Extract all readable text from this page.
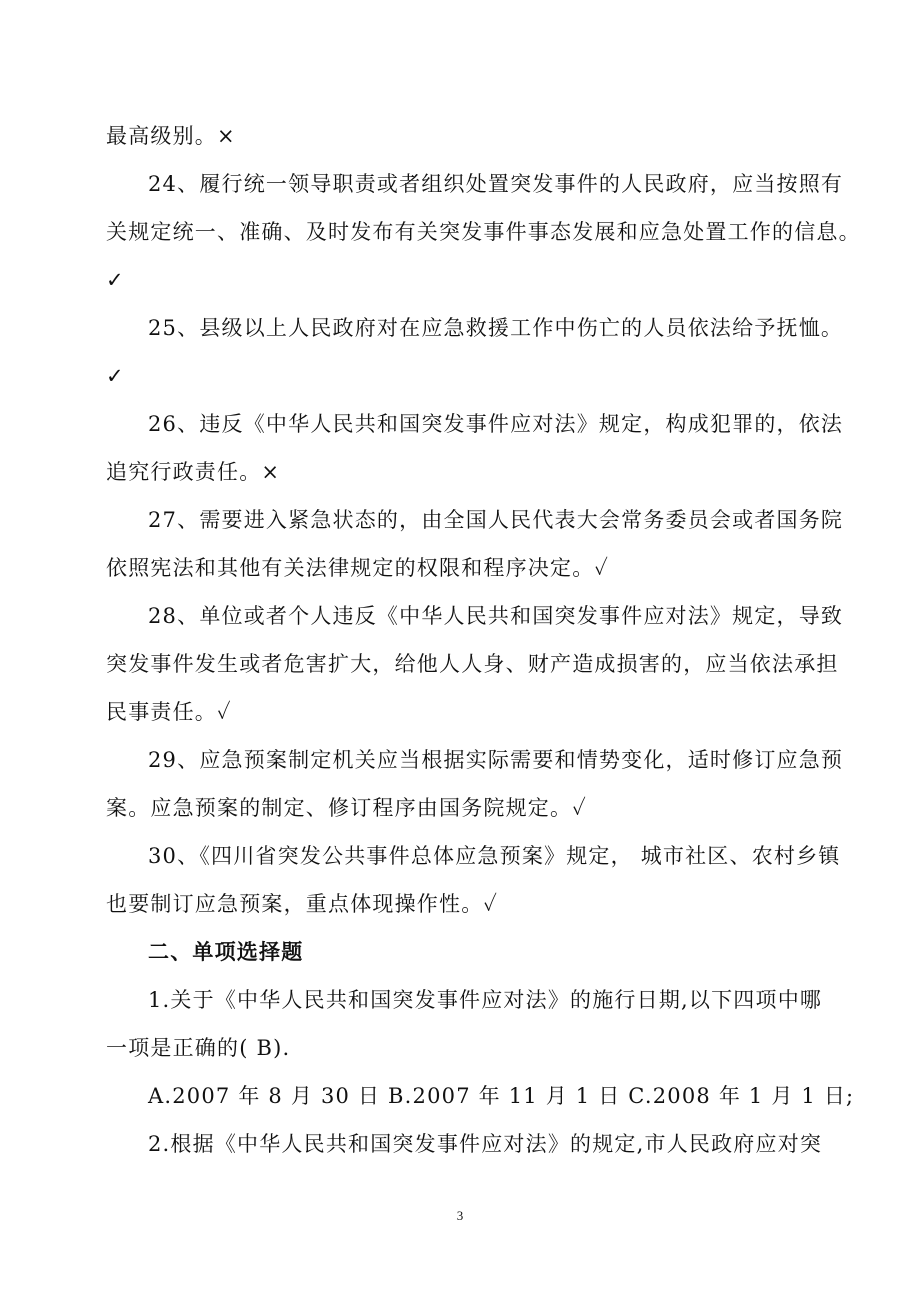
最高级别。×
24、履行统一领导职责或者组织处置突发事件的人民政府，应当按照有
关规定统一、准确、及时发布有关突发事件事态发展和应急处置工作的信息。
✓
25、县级以上人民政府对在应急救援工作中伤亡的人员依法给予抚恤。
✓
26、违反《中华人民共和国突发事件应对法》规定，构成犯罪的，依法
追究行政责任。×
27、需要进入紧急状态的，由全国人民代表大会常务委员会或者国务院
依照宪法和其他有关法律规定的权限和程序决定。✓
28、单位或者个人违反《中华人民共和国突发事件应对法》规定，导致
突发事件发生或者危害扩大，给他人人身、财产造成损害的，应当依法承担
民事责任。✓
29、应急预案制定机关应当根据实际需要和情势变化，适时修订应急预
案。应急预案的制定、修订程序由国务院规定。✓
30、《四川省突发公共事件总体应急预案》规定， 城市社区、农村乡镇
也要制订应急预案，重点体现操作性。✓
二、单项选择题
1.关于《中华人民共和国突发事件应对法》的施行日期,以下四项中哪
一项是正确的( B).
A.2007 年 8 月 30 日 B.2007 年 11 月 1 日 C.2008 年 1 月 1 日;
2.根据《中华人民共和国突发事件应对法》的规定,市人民政府应对突
3
